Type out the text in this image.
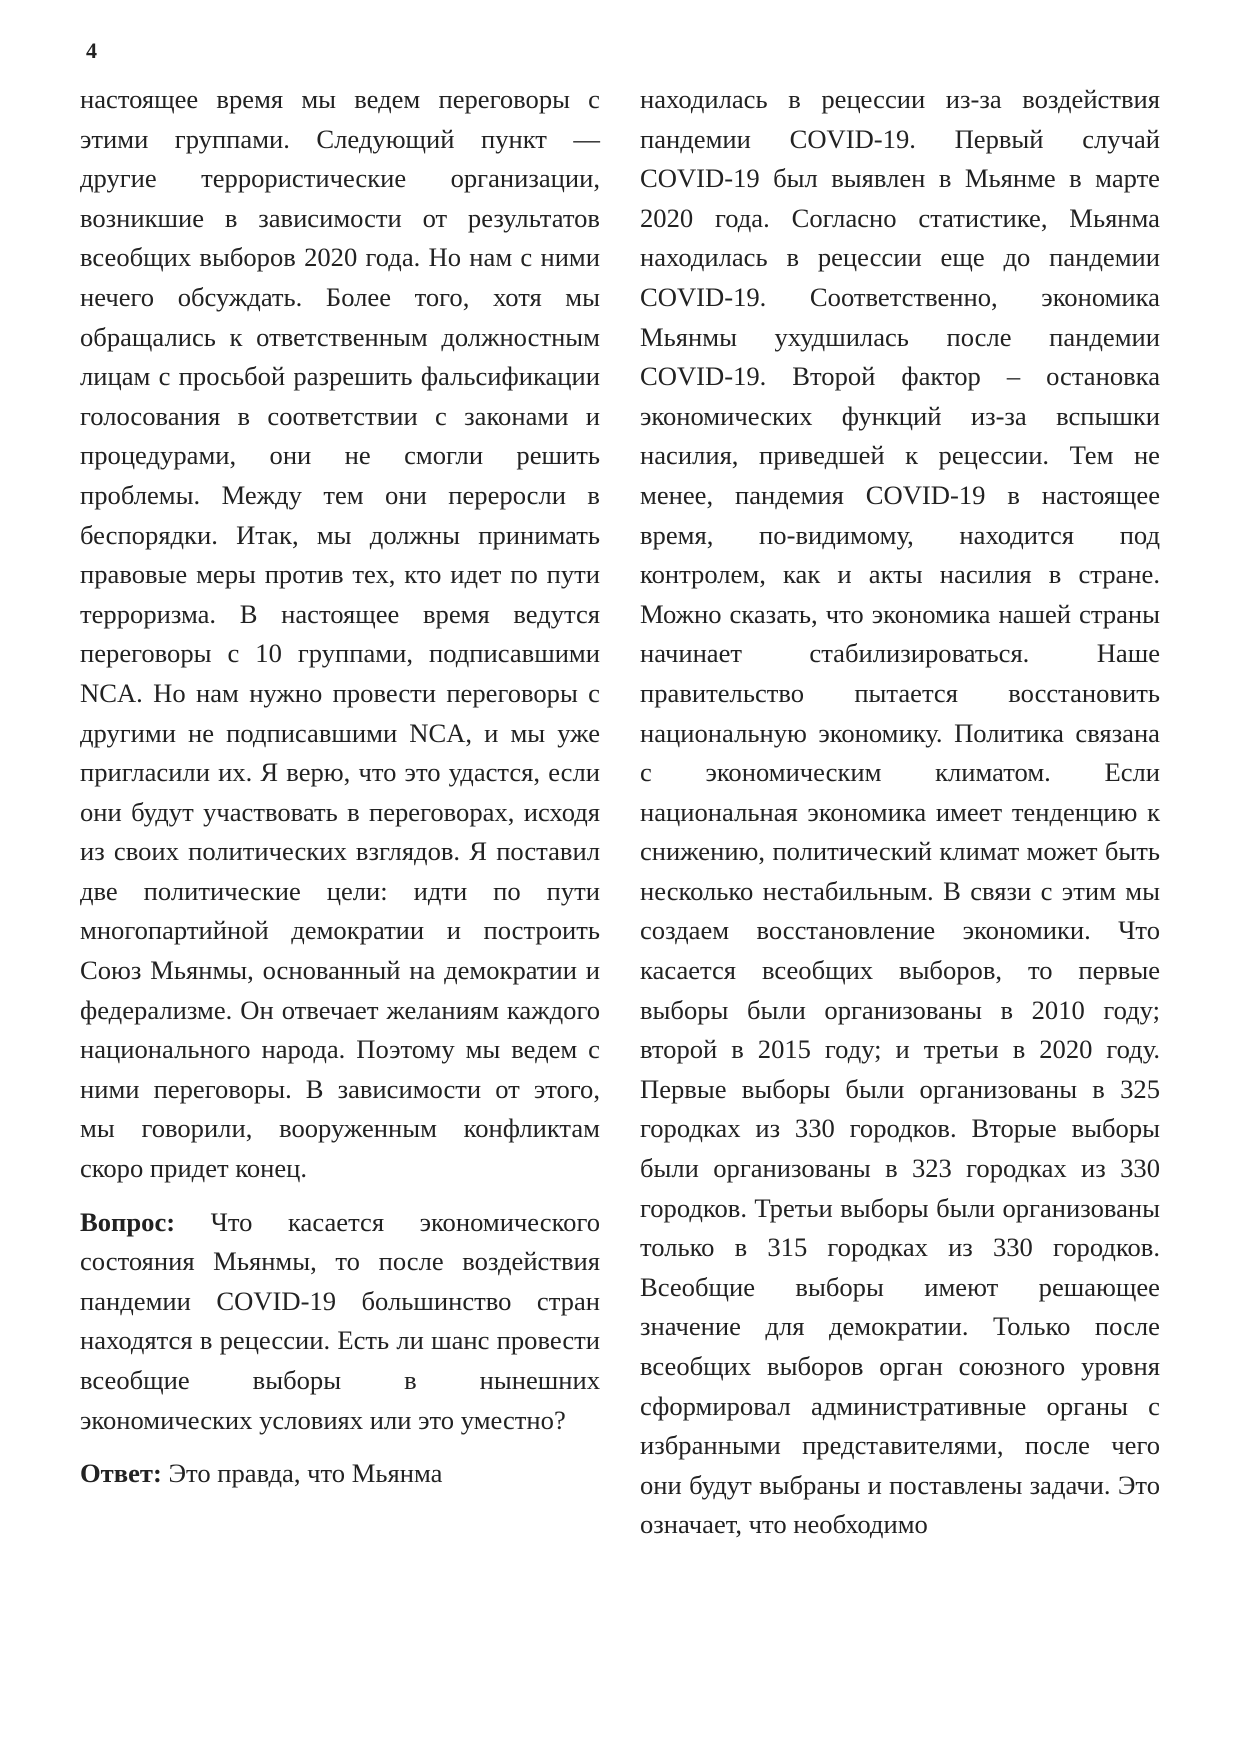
4

настоящее время мы ведем переговоры с этими группами. Следующий пункт — другие террористические организации, возникшие в зависимости от результатов всеобщих выборов 2020 года. Но нам с ними нечего обсуждать. Более того, хотя мы обращались к ответственным должностным лицам с просьбой разрешить фальсификации голосования в соответствии с законами и процедурами, они не смогли решить проблемы. Между тем они переросли в беспорядки. Итак, мы должны принимать правовые меры против тех, кто идет по пути терроризма. В настоящее время ведутся переговоры с 10 группами, подписавшими NCA. Но нам нужно провести переговоры с другими не подписавшими NCA, и мы уже пригласили их. Я верю, что это удастся, если они будут участвовать в переговорах, исходя из своих политических взглядов. Я поставил две политические цели: идти по пути многопартийной демократии и построить Союз Мьянмы, основанный на демократии и федерализме. Он отвечает желаниям каждого национального народа. Поэтому мы ведем с ними переговоры. В зависимости от этого, мы говорили, вооруженным конфликтам скоро придет конец.

Вопрос: Что касается экономического состояния Мьянмы, то после воздействия пандемии COVID-19 большинство стран находятся в рецессии. Есть ли шанс провести всеобщие выборы в нынешних экономических условиях или это уместно?

Ответ: Это правда, что Мьянма

находилась в рецессии из-за воздействия пандемии COVID-19. Первый случай COVID-19 был выявлен в Мьянме в марте 2020 года. Согласно статистике, Мьянма находилась в рецессии еще до пандемии COVID-19. Соответственно, экономика Мьянмы ухудшилась после пандемии COVID-19. Второй фактор – остановка экономических функций из-за вспышки насилия, приведшей к рецессии. Тем не менее, пандемия COVID-19 в настоящее время, по-видимому, находится под контролем, как и акты насилия в стране. Можно сказать, что экономика нашей страны начинает стабилизироваться. Наше правительство пытается восстановить национальную экономику. Политика связана с экономическим климатом. Если национальная экономика имеет тенденцию к снижению, политический климат может быть несколько нестабильным. В связи с этим мы создаем восстановление экономики. Что касается всеобщих выборов, то первые выборы были организованы в 2010 году; второй в 2015 году; и третьи в 2020 году. Первые выборы были организованы в 325 городках из 330 городков. Вторые выборы были организованы в 323 городках из 330 городков. Третьи выборы были организованы только в 315 городках из 330 городков. Всеобщие выборы имеют решающее значение для демократии. Только после всеобщих выборов орган союзного уровня сформировал административные органы с избранными представителями, после чего они будут выбраны и поставлены задачи. Это означает, что необходимо
